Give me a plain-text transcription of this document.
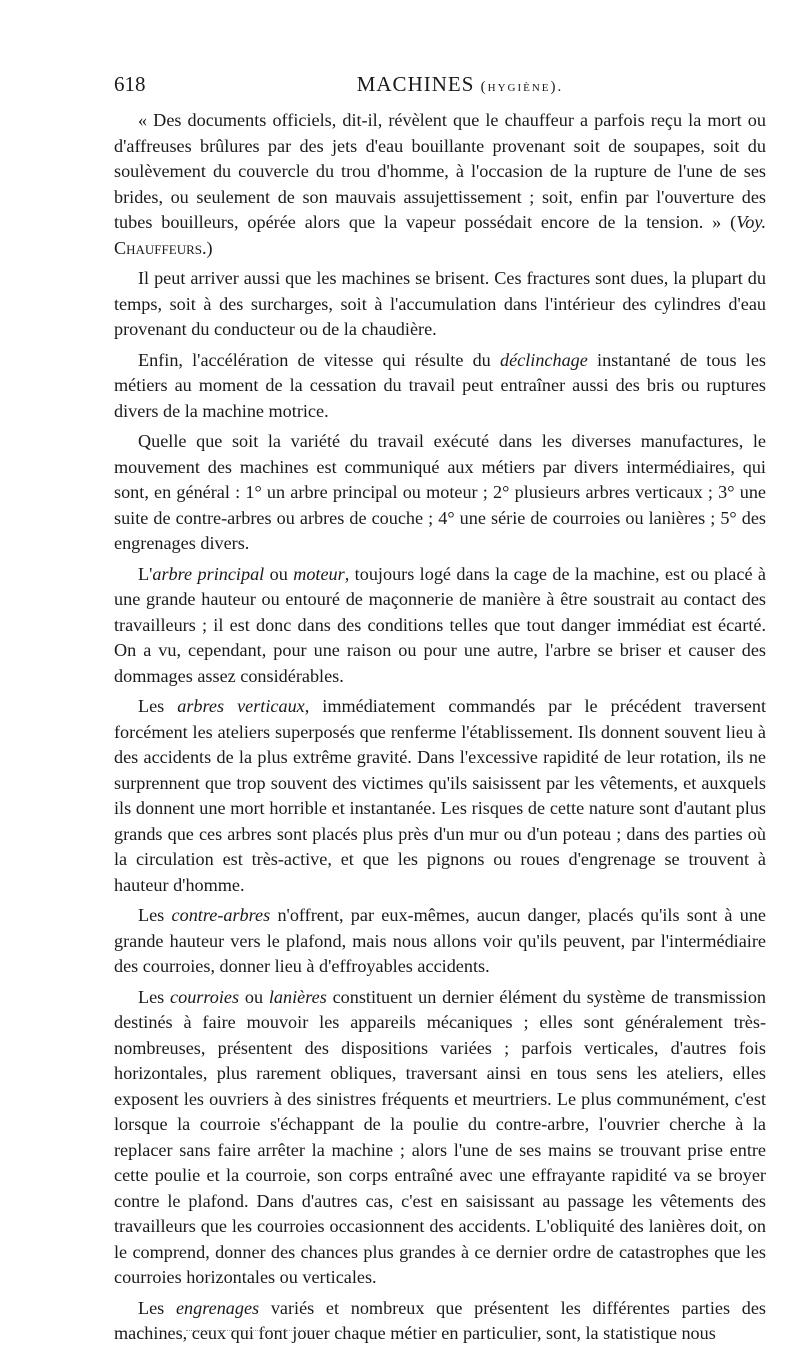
618	MACHINES (hygiène).

« Des documents officiels, dit-il, révèlent que le chauffeur a parfois reçu la mort ou d'affreuses brûlures par des jets d'eau bouillante provenant soit de soupapes, soit du soulèvement du couvercle du trou d'homme, à l'occasion de la rupture de l'une de ses brides, ou seulement de son mauvais assujettissement ; soit, enfin par l'ouverture des tubes bouilleurs, opérée alors que la vapeur possédait encore de la tension. » (Voy. Chauffeurs.)

Il peut arriver aussi que les machines se brisent. Ces fractures sont dues, la plupart du temps, soit à des surcharges, soit à l'accumulation dans l'intérieur des cylindres d'eau provenant du conducteur ou de la chaudière.

Enfin, l'accélération de vitesse qui résulte du déclinchage instantané de tous les métiers au moment de la cessation du travail peut entraîner aussi des bris ou ruptures divers de la machine motrice.

Quelle que soit la variété du travail exécuté dans les diverses manufactures, le mouvement des machines est communiqué aux métiers par divers intermédiaires, qui sont, en général : 1° un arbre principal ou moteur ; 2° plusieurs arbres verticaux ; 3° une suite de contre-arbres ou arbres de couche ; 4° une série de courroies ou lanières ; 5° des engrenages divers.

L'arbre principal ou moteur, toujours logé dans la cage de la machine, est ou placé à une grande hauteur ou entouré de maçonnerie de manière à être soustrait au contact des travailleurs ; il est donc dans des conditions telles que tout danger immédiat est écarté. On a vu, cependant, pour une raison ou pour une autre, l'arbre se briser et causer des dommages assez considérables.

Les arbres verticaux, immédiatement commandés par le précédent traversent forcément les ateliers superposés que renferme l'établissement. Ils donnent souvent lieu à des accidents de la plus extrême gravité. Dans l'excessive rapidité de leur rotation, ils ne surprennent que trop souvent des victimes qu'ils saisissent par les vêtements, et auxquels ils donnent une mort horrible et instantanée. Les risques de cette nature sont d'autant plus grands que ces arbres sont placés plus près d'un mur ou d'un poteau ; dans des parties où la circulation est très-active, et que les pignons ou roues d'engrenage se trouvent à hauteur d'homme.

Les contre-arbres n'offrent, par eux-mêmes, aucun danger, placés qu'ils sont à une grande hauteur vers le plafond, mais nous allons voir qu'ils peuvent, par l'intermédiaire des courroies, donner lieu à d'effroyables accidents.

Les courroies ou lanières constituent un dernier élément du système de transmission destinés à faire mouvoir les appareils mécaniques ; elles sont généralement très-nombreuses, présentent des dispositions variées ; parfois verticales, d'autres fois horizontales, plus rarement obliques, traversant ainsi en tous sens les ateliers, elles exposent les ouvriers à des sinistres fréquents et meurtriers. Le plus communément, c'est lorsque la courroie s'échappant de la poulie du contre-arbre, l'ouvrier cherche à la replacer sans faire arrêter la machine ; alors l'une de ses mains se trouvant prise entre cette poulie et la courroie, son corps entraîné avec une effrayante rapidité va se broyer contre le plafond. Dans d'autres cas, c'est en saisissant au passage les vêtements des travailleurs que les courroies occasionnent des accidents. L'obliquité des lanières doit, on le comprend, donner des chances plus grandes à ce dernier ordre de catastrophes que les courroies horizontales ou verticales.

Les engrenages variés et nombreux que présentent les différentes parties des machines, ceux qui font jouer chaque métier en particulier, sont, la statistique nous
